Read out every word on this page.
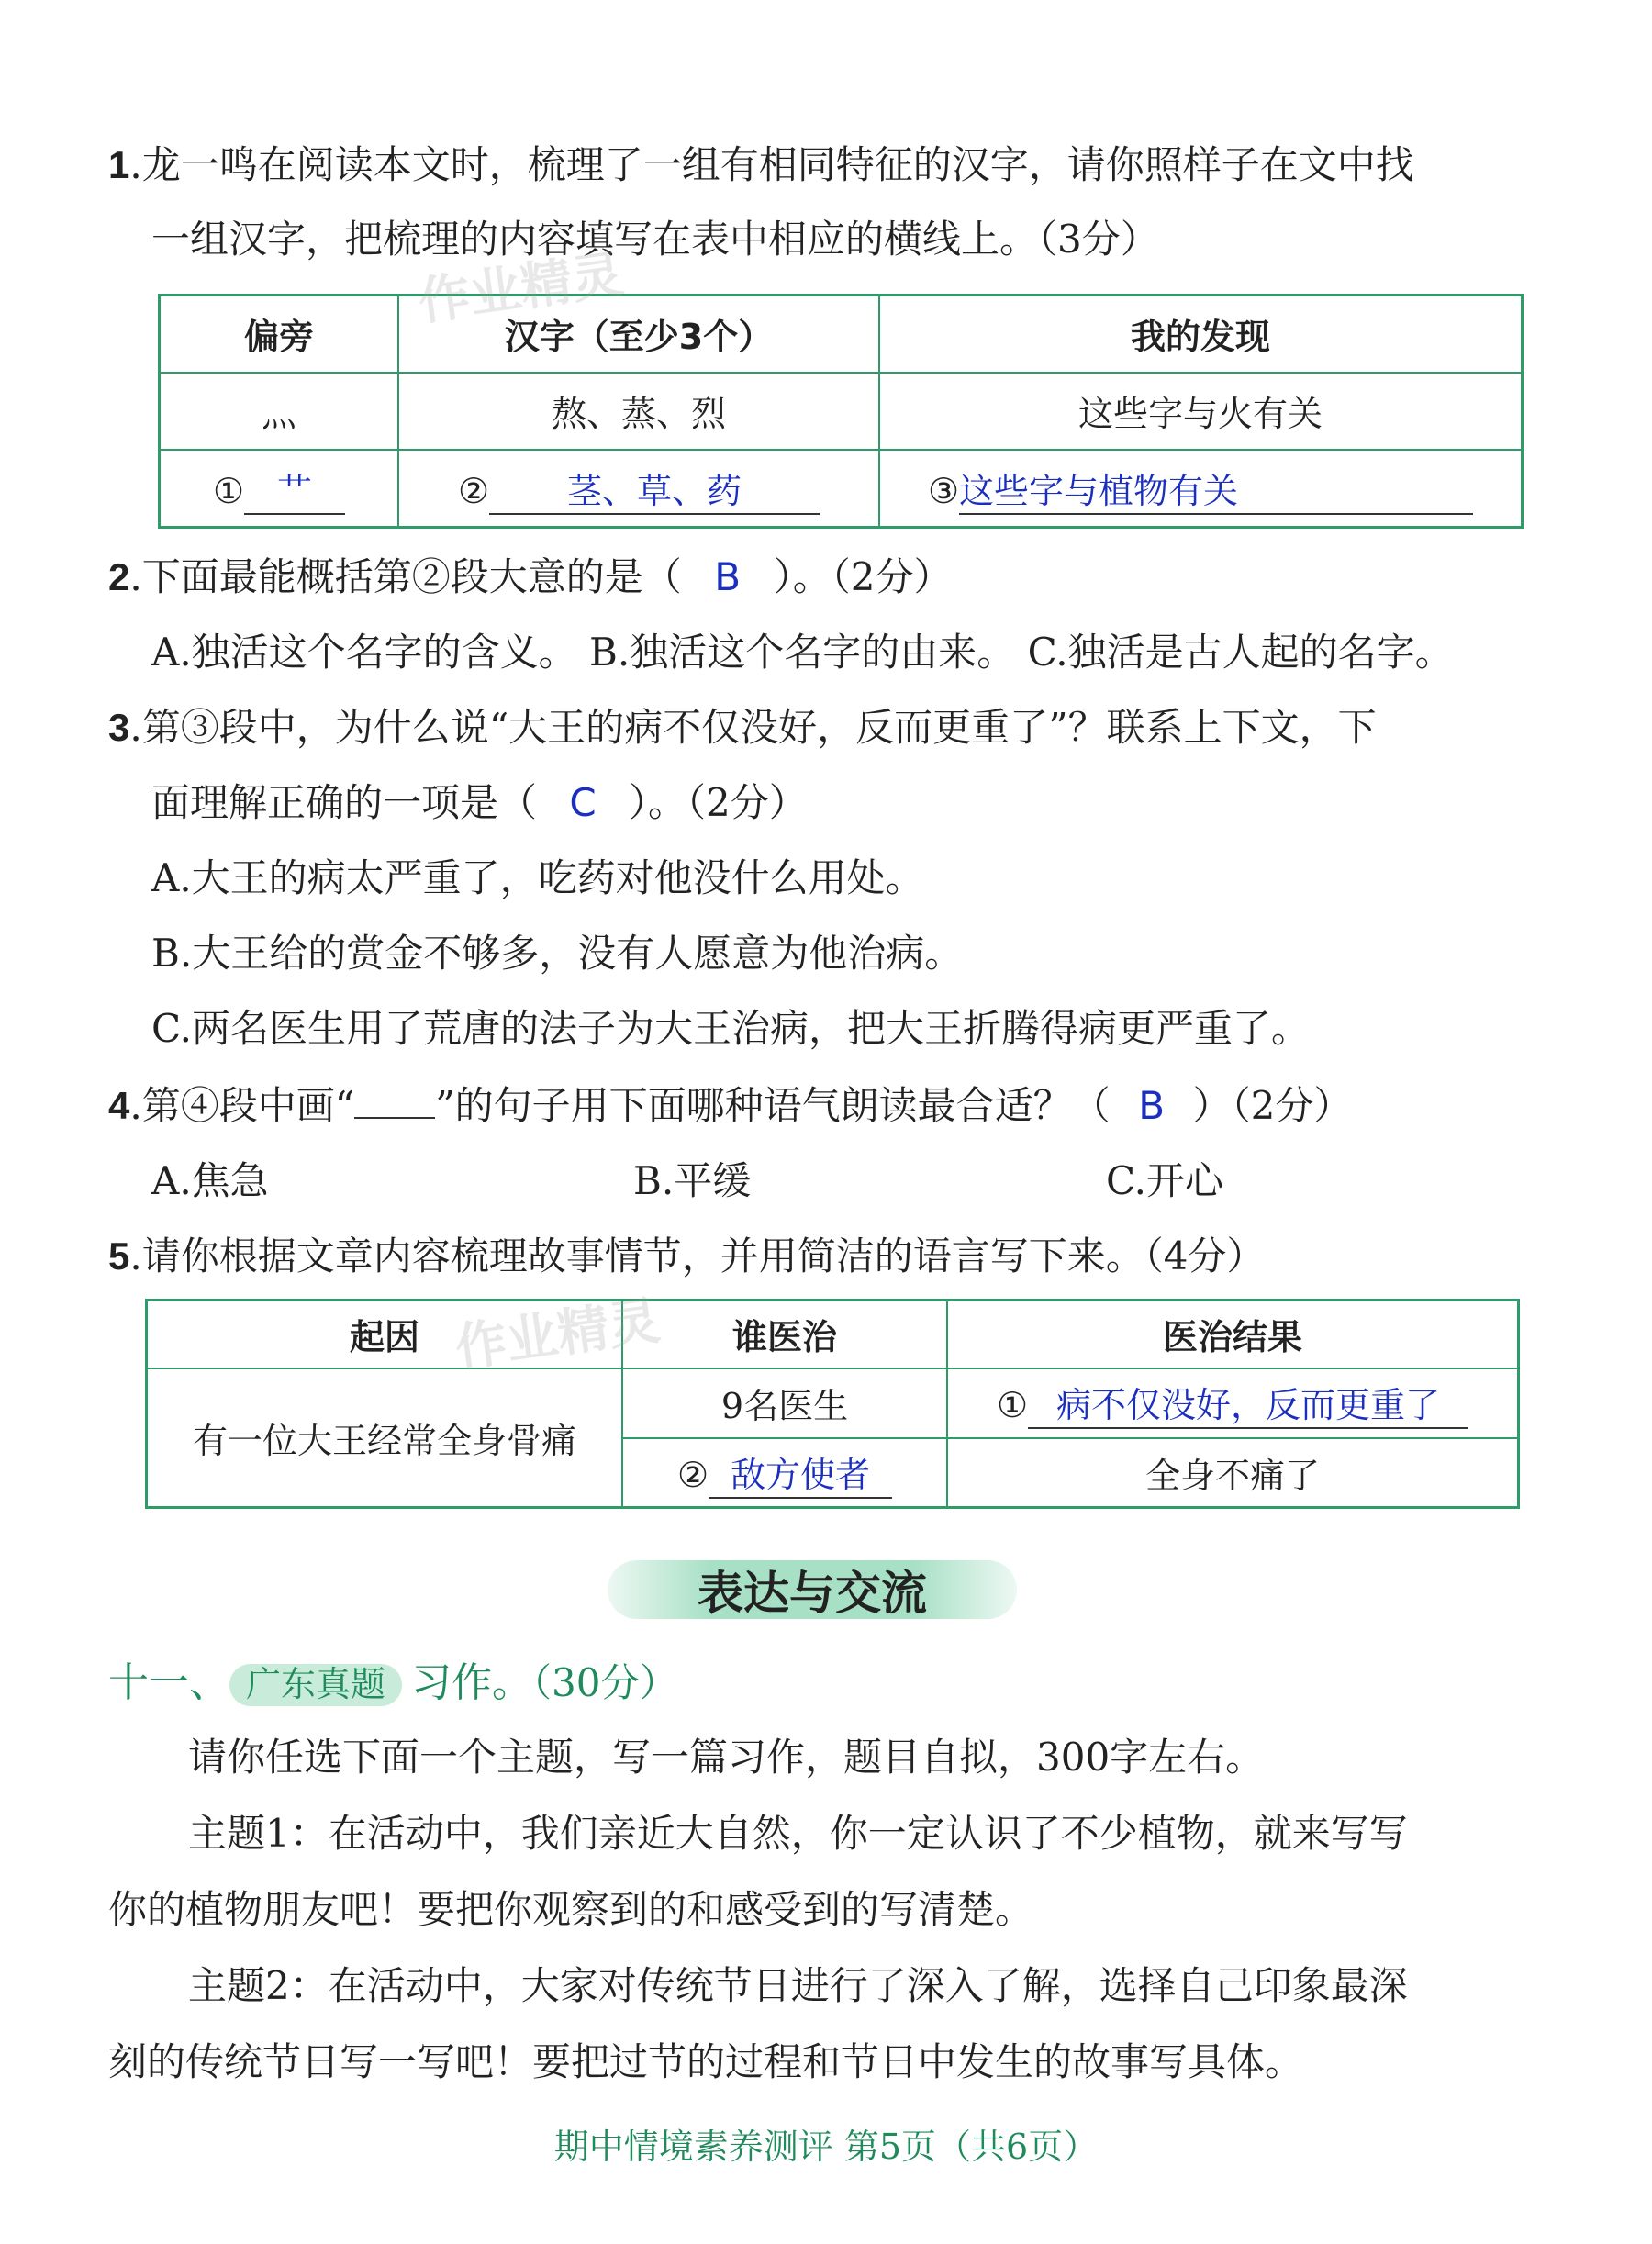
1.龙一鸣在阅读本文时，梳理了一组有相同特征的汉字，请你照样子在文中找
一组汉字，把梳理的内容填写在表中相应的横线上。（3分）
偏旁	汉字（至少3个）	我的发现
灬	熬、蒸、烈	这些字与火有关
① 艹	② 茎、草、药	③这些字与植物有关
2.下面最能概括第②段大意的是（ B ）。（2分）
A.独活这个名字的含义。 B.独活这个名字的由来。 C.独活是古人起的名字。
3.第③段中，为什么说“大王的病不仅没好，反而更重了”？联系上下文，下
面理解正确的一项是（ C ）。（2分）
A.大王的病太严重了，吃药对他没什么用处。
B.大王给的赏金不够多，没有人愿意为他治病。
C.两名医生用了荒唐的法子为大王治病，把大王折腾得病更严重了。
4.第④段中画“ ”的句子用下面哪种语气朗读最合适？（ B ）（2分）
A.焦急	B.平缓	C.开心
5.请你根据文章内容梳理故事情节，并用简洁的语言写下来。（4分）
起因	谁医治	医治结果
有一位大王经常全身骨痛	9名医生	① 病不仅没好，反而更重了
	② 敌方使者	全身不痛了
表达与交流
十一、 广东真题 习作。（30分）
请你任选下面一个主题，写一篇习作，题目自拟，300字左右。
主题1：在活动中，我们亲近大自然，你一定认识了不少植物，就来写写
你的植物朋友吧！要把你观察到的和感受到的写清楚。
主题2：在活动中，大家对传统节日进行了深入了解，选择自己印象最深
刻的传统节日写一写吧！要把过节的过程和节日中发生的故事写具体。
期中情境素养测评 第5页（共6页）
作业精灵
作业精灵
